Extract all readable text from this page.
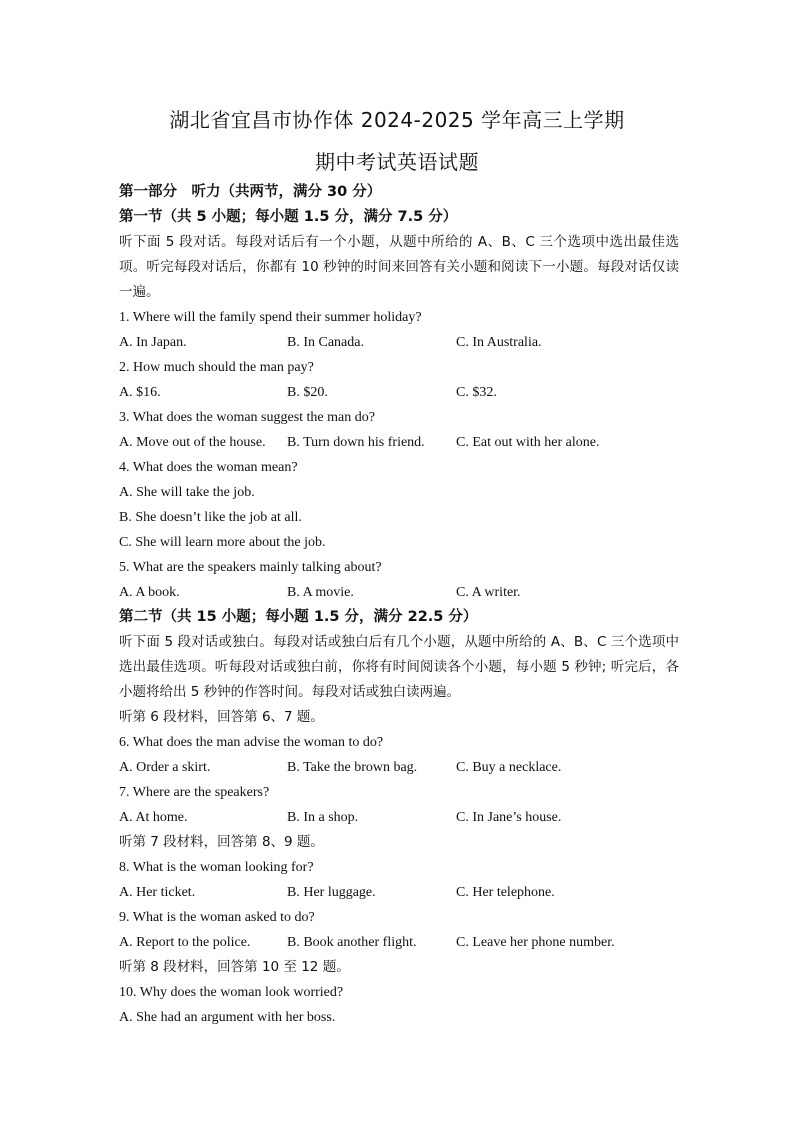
湖北省宜昌市协作体 2024-2025 学年高三上学期
期中考试英语试题
第一部分　听力（共两节，满分 30 分）
第一节（共 5 小题；每小题 1.5 分，满分 7.5 分）
听下面 5 段对话。每段对话后有一个小题，从题中所给的 A、B、C 三个选项中选出最佳选项。听完每段对话后，你都有 10 秒钟的时间来回答有关小题和阅读下一小题。每段对话仅读一遍。
1. Where will the family spend their summer holiday?
A. In Japan.	B. In Canada.	C. In Australia.
2. How much should the man pay?
A. $16.	B. $20.	C. $32.
3. What does the woman suggest the man do?
A. Move out of the house. B. Turn down his friend. C. Eat out with her alone.
4. What does the woman mean?
A. She will take the job.
B. She doesn’t like the job at all.
C. She will learn more about the job.
5. What are the speakers mainly talking about?
A. A book.	B. A movie.	C. A writer.
第二节（共 15 小题；每小题 1.5 分，满分 22.5 分）
听下面 5 段对话或独白。每段对话或独白后有几个小题，从题中所给的 A、B、C 三个选项中选出最佳选项。听每段对话或独白前，你将有时间阅读各个小题，每小题 5 秒钟; 听完后，各小题将给出 5 秒钟的作答时间。每段对话或独白读两遍。
听第 6 段材料，回答第 6、7 题。
6. What does the man advise the woman to do?
A. Order a skirt.	B. Take the brown bag.	C. Buy a necklace.
7. Where are the speakers?
A. At home.	B. In a shop.	C. In Jane’s house.
听第 7 段材料，回答第 8、9 题。
8. What is the woman looking for?
A. Her ticket.	B. Her luggage.	C. Her telephone.
9. What is the woman asked to do?
A. Report to the police.	B. Book another flight.	C. Leave her phone number.
听第 8 段材料，回答第 10 至 12 题。
10. Why does the woman look worried?
A. She had an argument with her boss.
